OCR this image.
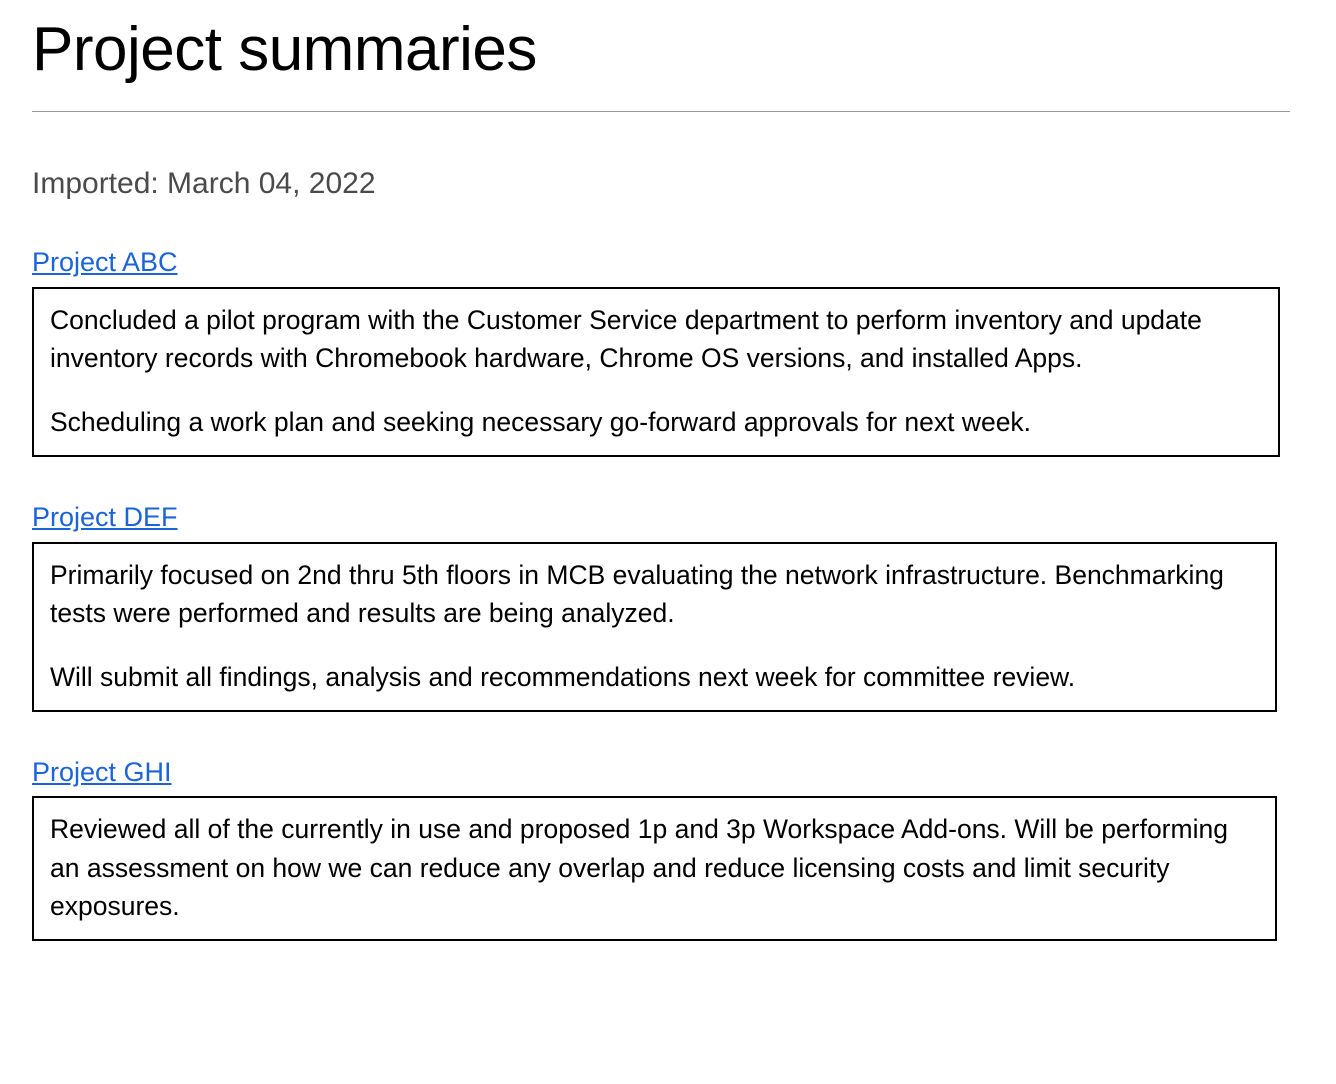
Project summaries
Imported: March 04, 2022
Project ABC

Concluded a pilot program with the Customer Service department to perform inventory and update inventory records with Chromebook hardware, Chrome OS versions, and installed Apps.

Scheduling a work plan and seeking necessary go-forward approvals for next week.

Project DEF

Primarily focused on 2nd thru 5th floors in MCB evaluating the network infrastructure. Benchmarking tests were performed and results are being analyzed.

Will submit all findings, analysis and recommendations next week for committee review.

Project GHI

Reviewed all of the currently in use and proposed 1p and 3p Workspace Add-ons. Will be performing an assessment on how we can reduce any overlap and reduce licensing costs and limit security exposures.
